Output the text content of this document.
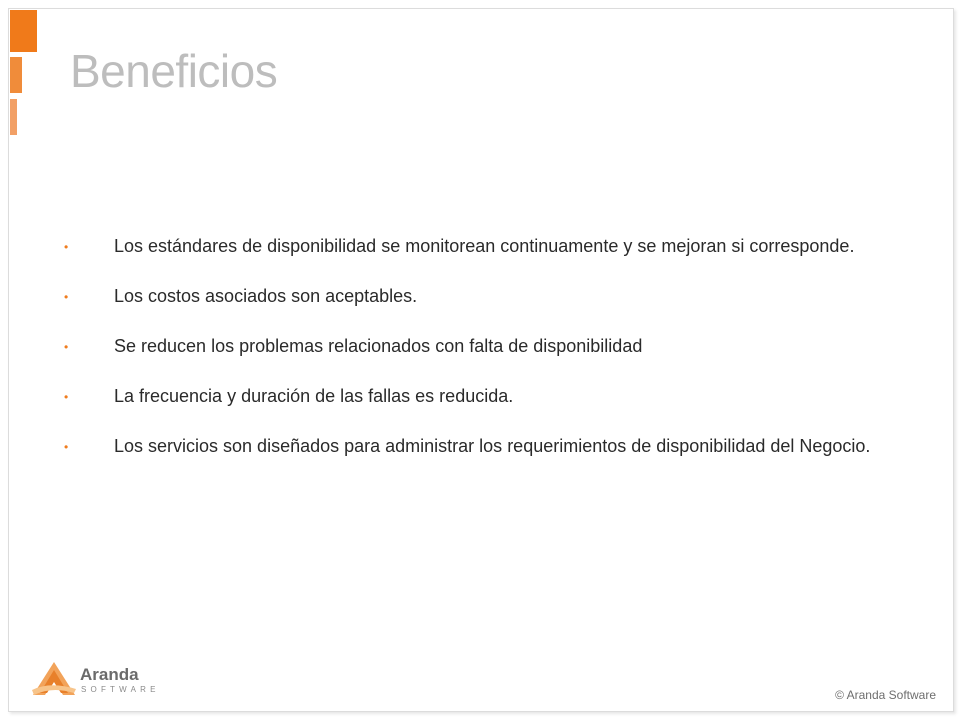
Beneficios
•	Los estándares de disponibilidad se monitorean continuamente y se mejoran si corresponde.
•	Los costos asociados son aceptables.
•	Se reducen los problemas relacionados con falta de disponibilidad
•	La frecuencia y duración de las fallas es reducida.
•	Los servicios son diseñados para administrar los requerimientos de disponibilidad del Negocio.
Aranda
SOFTWARE	© Aranda Software
